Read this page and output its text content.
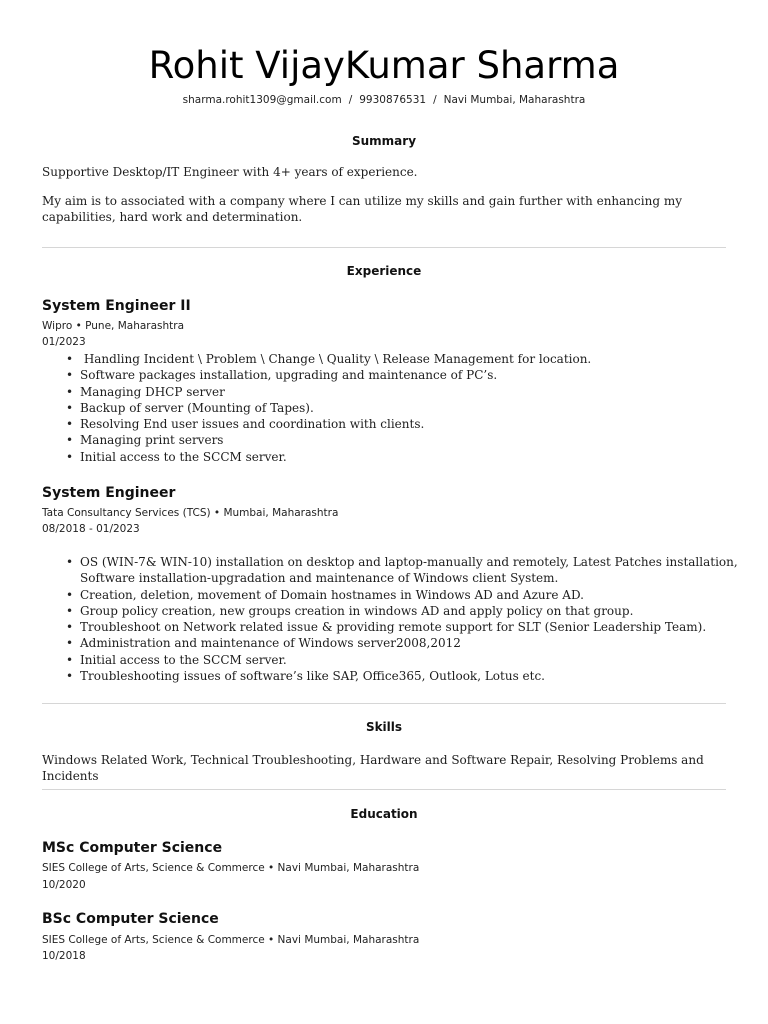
Rohit VijayKumar Sharma
sharma.rohit1309@gmail.com / 9930876531 / Navi Mumbai, Maharashtra
Summary

Supportive Desktop/IT Engineer with 4+ years of experience.

My aim is to associated with a company where I can utilize my skills and gain further with enhancing my capabilities, hard work and determination.

Experience
System Engineer II
Wipro • Pune, Maharashtra
01/2023
•  Handling Incident \ Problem \ Change \ Quality \ Release Management for location.
• Software packages installation, upgrading and maintenance of PC’s.
• Managing DHCP server
• Backup of server (Mounting of Tapes).
• Resolving End user issues and coordination with clients.
• Managing print servers
• Initial access to the SCCM server.
System Engineer
Tata Consultancy Services (TCS) • Mumbai, Maharashtra
08/2018 - 01/2023
• OS (WIN-7& WIN-10) installation on desktop and laptop-manually and remotely, Latest Patches installation, Software installation-upgradation and maintenance of Windows client System.
• Creation, deletion, movement of Domain hostnames in Windows AD and Azure AD.
• Group policy creation, new groups creation in windows AD and apply policy on that group.
• Troubleshoot on Network related issue & providing remote support for SLT (Senior Leadership Team).
• Administration and maintenance of Windows server2008,2012
• Initial access to the SCCM server.
• Troubleshooting issues of software’s like SAP, Office365, Outlook, Lotus etc.
Skills

Windows Related Work, Technical Troubleshooting, Hardware and Software Repair, Resolving Problems and Incidents

Education
MSc Computer Science
SIES College of Arts, Science & Commerce • Navi Mumbai, Maharashtra
10/2020
BSc Computer Science
SIES College of Arts, Science & Commerce • Navi Mumbai, Maharashtra
10/2018
